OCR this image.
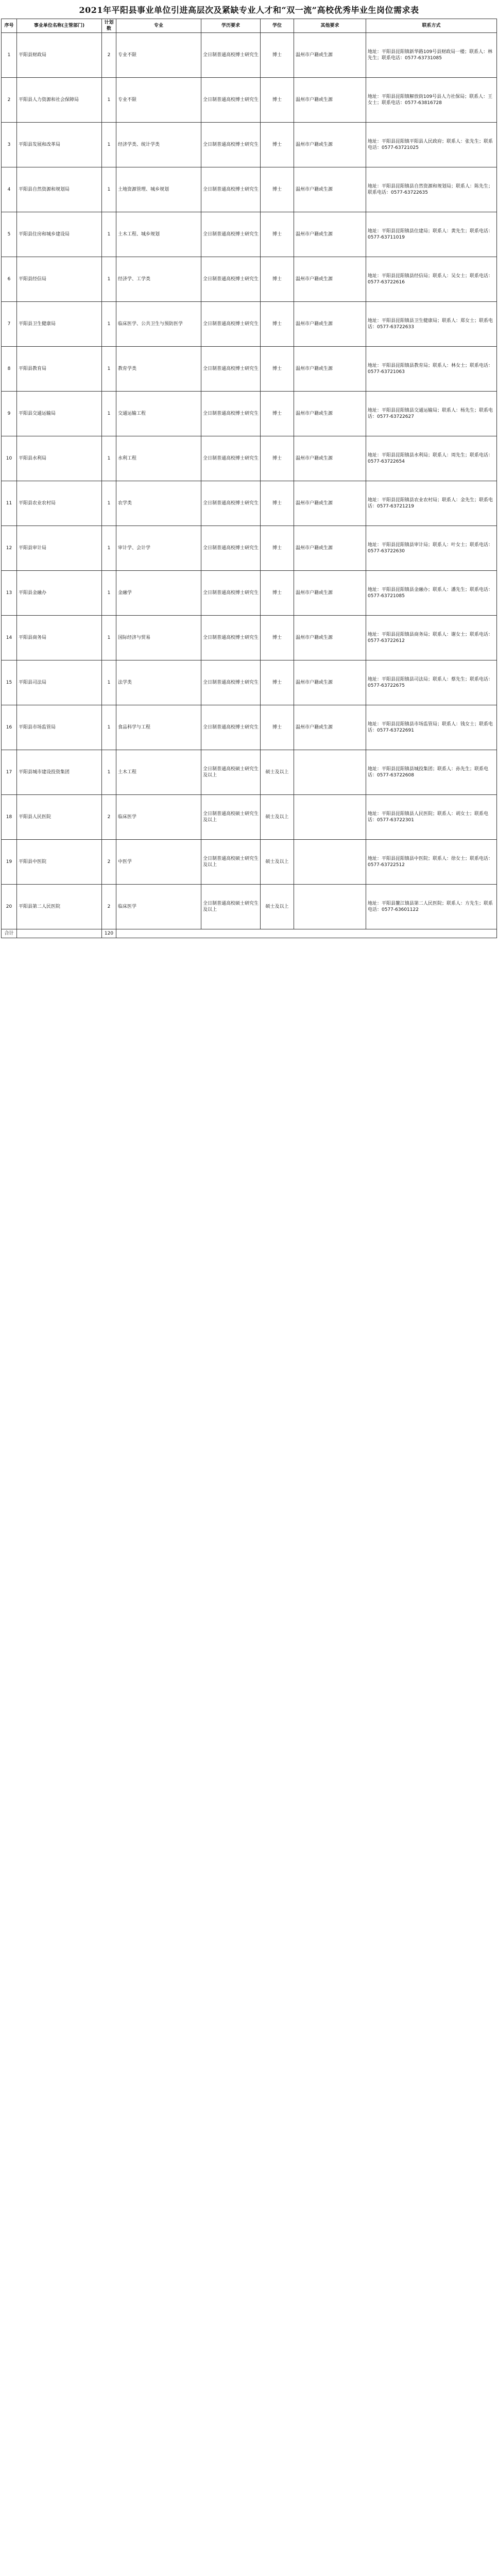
2021年平阳县事业单位引进高层次及紧缺专业人才和“双一流”高校优秀毕业生岗位需求表
序号	事业单位名称(主管部门)	计划数	专业	学历要求	学位	其他要求	联系方式

1	平阳县财政局	2	专业不限	全日制普通高校博士研究生	博士	温州市户籍或生源	地址：平阳县昆阳镇新华路109号县财政局一楼；联系人：林先生；联系电话：0577-63731085

2	平阳县人力资源和社会保障局	1	专业不限	全日制普通高校博士研究生	博士	温州市户籍或生源	地址：平阳县昆阳镇解放街109号县人力社保局；联系人：王女士；联系电话：0577-63816728

3	平阳县发展和改革局	1	经济学类、统计学类	全日制普通高校博士研究生	博士	温州市户籍或生源	地址：平阳县昆阳镇平阳县人民政府；联系人：张先生；联系电话：0577-63721025

4	平阳县自然资源和规划局	1	土地资源管理、城乡规划	全日制普通高校博士研究生	博士	温州市户籍或生源	地址：平阳县昆阳镇县自然资源和规划局；联系人：陈先生；联系电话：0577-63722635

5	平阳县住房和城乡建设局	1	土木工程、城乡规划	全日制普通高校博士研究生	博士	温州市户籍或生源	地址：平阳县昆阳镇县住建局；联系人：黄先生；联系电话：0577-63711019

6	平阳县经信局	1	经济学、工学类	全日制普通高校博士研究生	博士	温州市户籍或生源	地址：平阳县昆阳镇县经信局；联系人：吴女士；联系电话：0577-63722616

7	平阳县卫生健康局	1	临床医学、公共卫生与预防医学	全日制普通高校博士研究生	博士	温州市户籍或生源	地址：平阳县昆阳镇县卫生健康局；联系人：郑女士；联系电话：0577-63722633

8	平阳县教育局	1	教育学类	全日制普通高校博士研究生	博士	温州市户籍或生源	地址：平阳县昆阳镇县教育局；联系人：林女士；联系电话：0577-63721063

9	平阳县交通运输局	1	交通运输工程	全日制普通高校博士研究生	博士	温州市户籍或生源	地址：平阳县昆阳镇县交通运输局；联系人：杨先生；联系电话：0577-63722627

10	平阳县水利局	1	水利工程	全日制普通高校博士研究生	博士	温州市户籍或生源	地址：平阳县昆阳镇县水利局；联系人：周先生；联系电话：0577-63722654

11	平阳县农业农村局	1	农学类	全日制普通高校博士研究生	博士	温州市户籍或生源	地址：平阳县昆阳镇县农业农村局；联系人：金先生；联系电话：0577-63721219

12	平阳县审计局	1	审计学、会计学	全日制普通高校博士研究生	博士	温州市户籍或生源	地址：平阳县昆阳镇县审计局；联系人：叶女士；联系电话：0577-63722630

13	平阳县金融办	1	金融学	全日制普通高校博士研究生	博士	温州市户籍或生源	地址：平阳县昆阳镇县金融办；联系人：潘先生；联系电话：0577-63721085

14	平阳县商务局	1	国际经济与贸易	全日制普通高校博士研究生	博士	温州市户籍或生源	地址：平阳县昆阳镇县商务局；联系人：谢女士；联系电话：0577-63722612

15	平阳县司法局	1	法学类	全日制普通高校博士研究生	博士	温州市户籍或生源	地址：平阳县昆阳镇县司法局；联系人：蔡先生；联系电话：0577-63722675

16	平阳县市场监管局	1	食品科学与工程	全日制普通高校博士研究生	博士	温州市户籍或生源	地址：平阳县昆阳镇县市场监管局；联系人：钱女士；联系电话：0577-63722691

17	平阳县城市建设投资集团	1	土木工程	全日制普通高校硕士研究生及以上	硕士及以上		地址：平阳县昆阳镇县城投集团；联系人：孙先生；联系电话：0577-63722608

18	平阳县人民医院	2	临床医学	全日制普通高校硕士研究生及以上	硕士及以上		地址：平阳县昆阳镇县人民医院；联系人：胡女士；联系电话：0577-63722301

19	平阳县中医院	2	中医学	全日制普通高校硕士研究生及以上	硕士及以上		地址：平阳县昆阳镇县中医院；联系人：徐女士；联系电话：0577-63722512

20	平阳县第二人民医院	2	临床医学	全日制普通高校硕士研究生及以上	硕士及以上		地址：平阳县鳌江镇县第二人民医院；联系人：方先生；联系电话：0577-63601122

合计		120					
